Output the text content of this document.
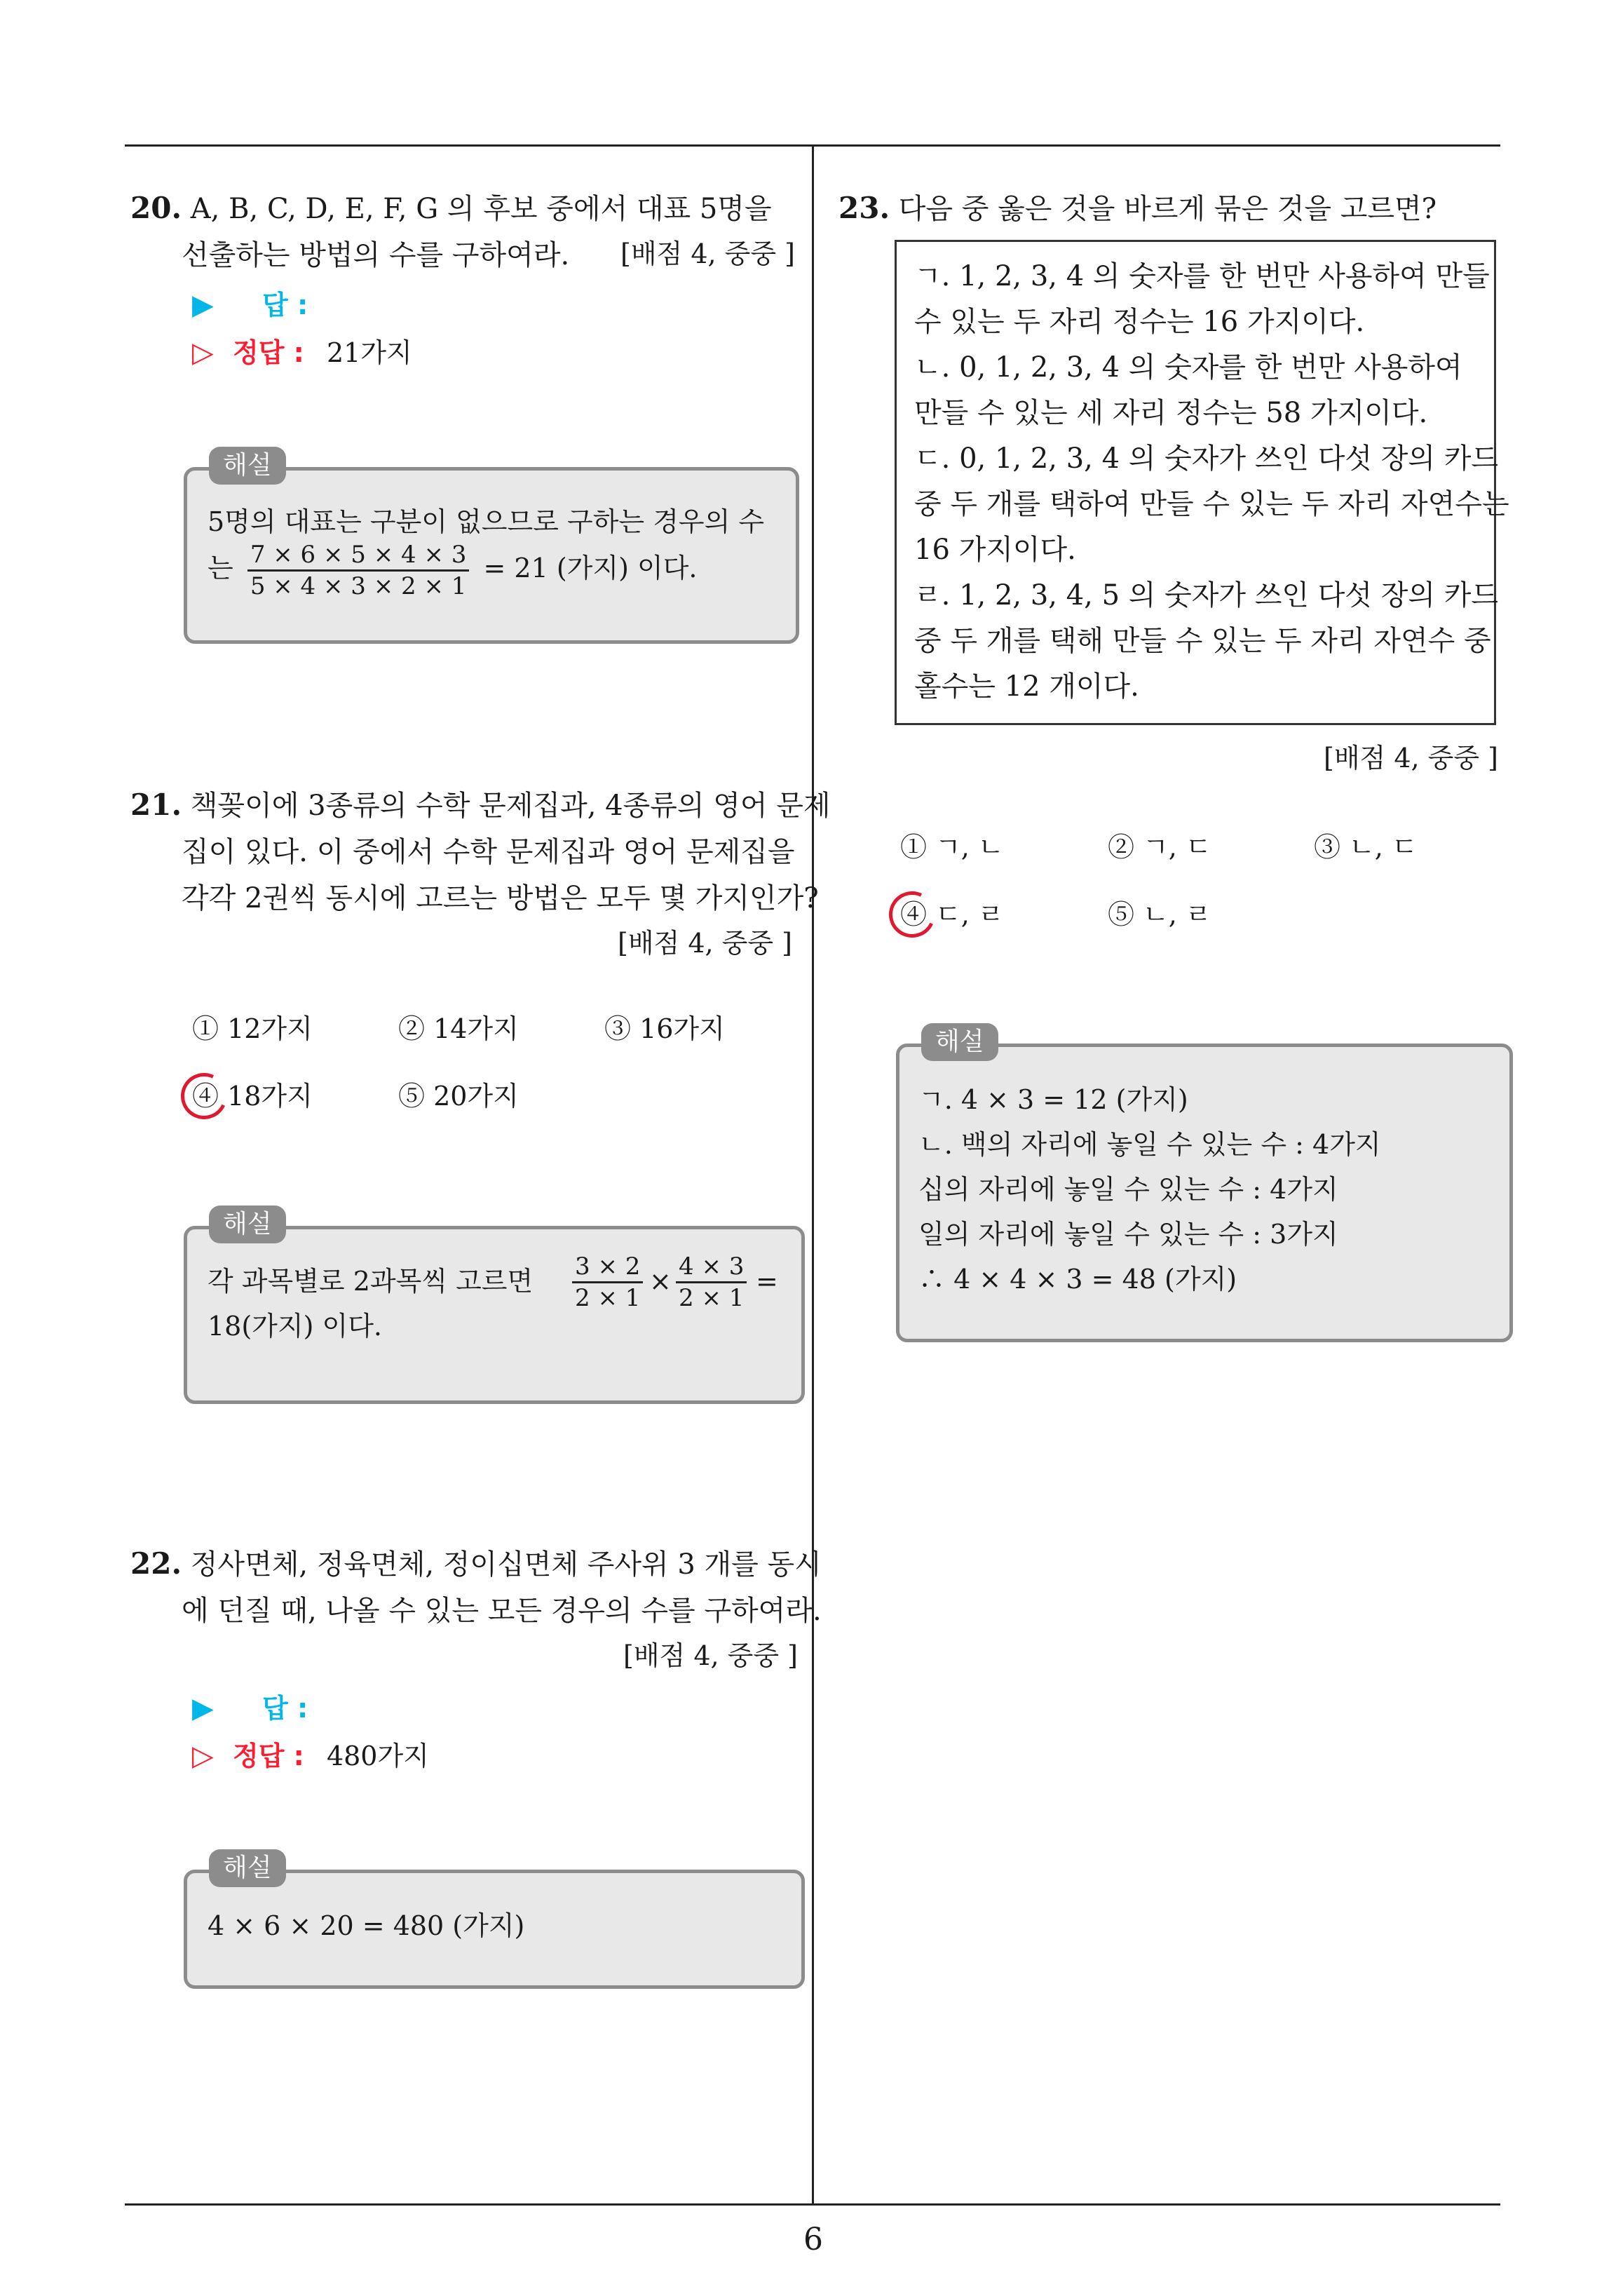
20. A, B, C, D, E, F, G 의 후보 중에서 대표 5명을
선출하는 방법의 수를 구하여라. [배점 4, 중중 ]
▶ 답 :
▷ 정답 : 21가지
해설
5명의 대표는 구분이 없으므로 구하는 경우의 수
는 $\frac{7 \times 6 \times 5 \times 4 \times 3}{5 \times 4 \times 3 \times 2 \times 1} = 21$ (가지) 이다.
21. 책꽂이에 3종류의 수학 문제집과, 4종류의 영어 문제
집이 있다. 이 중에서 수학 문제집과 영어 문제집을
각각 2권씩 동시에 고르는 방법은 모두 몇 가지인가?
[배점 4, 중중 ]
① 12가지	② 14가지	③ 16가지
④ 18가지	⑤ 20가지
해설
각 과목별로 2과목씩 고르면 $\frac{3 \times 2}{2 \times 1} \times \frac{4 \times 3}{2 \times 1}$ =
18(가지) 이다.
22. 정사면체, 정육면체, 정이십면체 주사위 3 개를 동시
에 던질 때, 나올 수 있는 모든 경우의 수를 구하여라.
[배점 4, 중중 ]
▶ 답 :
▷ 정답 : 480가지
해설
4 × 6 × 20 = 480 (가지)
23. 다음 중 옳은 것을 바르게 묶은 것을 고르면?
ㄱ. 1, 2, 3, 4 의 숫자를 한 번만 사용하여 만들
수 있는 두 자리 정수는 16 가지이다.
ㄴ. 0, 1, 2, 3, 4 의 숫자를 한 번만 사용하여
만들 수 있는 세 자리 정수는 58 가지이다.
ㄷ. 0, 1, 2, 3, 4 의 숫자가 쓰인 다섯 장의 카드
중 두 개를 택하여 만들 수 있는 두 자리 자연수는
16 가지이다.
ㄹ. 1, 2, 3, 4, 5 의 숫자가 쓰인 다섯 장의 카드
중 두 개를 택해 만들 수 있는 두 자리 자연수 중
홀수는 12 개이다.
[배점 4, 중중 ]
① ㄱ, ㄴ	② ㄱ, ㄷ	③ ㄴ, ㄷ
④ ㄷ, ㄹ	⑤ ㄴ, ㄹ
해설
ㄱ. 4 × 3 = 12 (가지)
ㄴ. 백의 자리에 놓일 수 있는 수 : 4가지
십의 자리에 놓일 수 있는 수 : 4가지
일의 자리에 놓일 수 있는 수 : 3가지
∴ 4 × 4 × 3 = 48 (가지)
6
